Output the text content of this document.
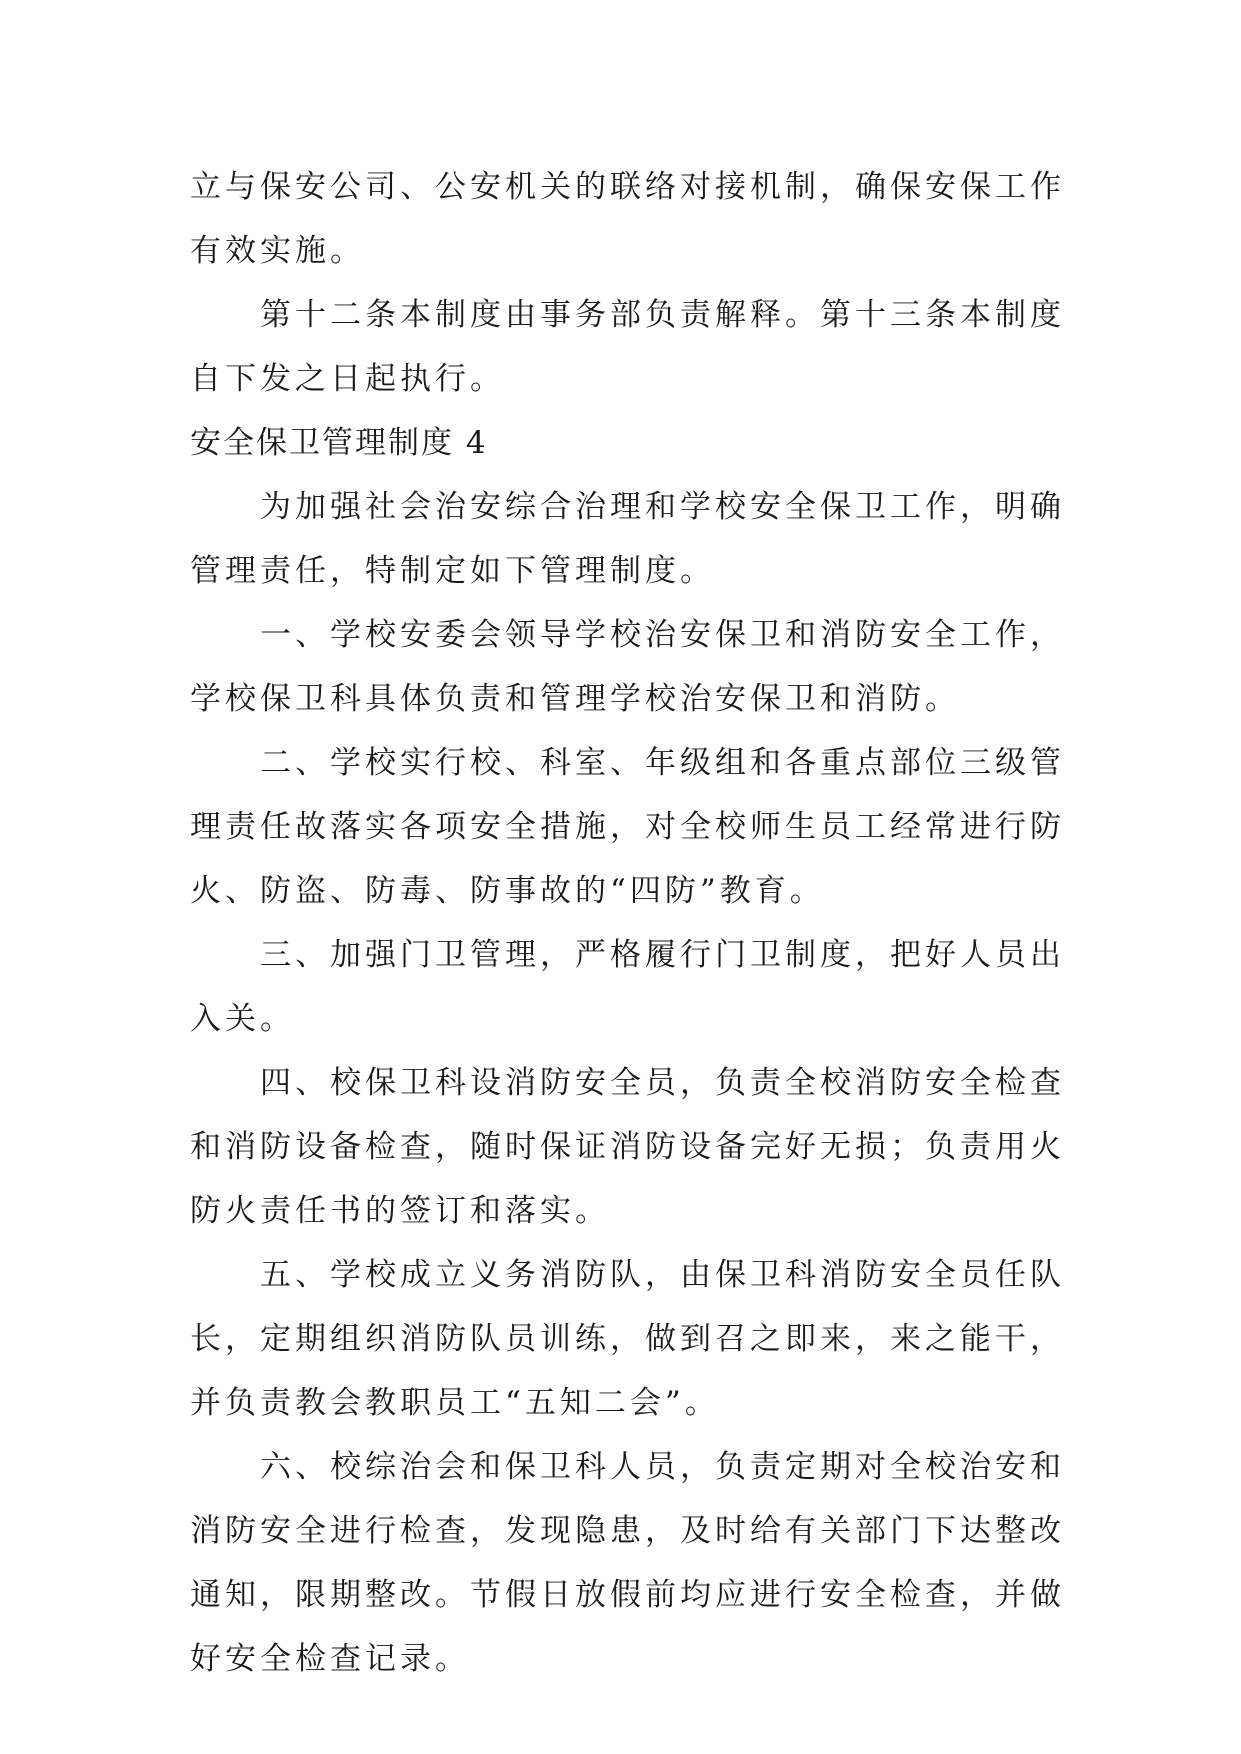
立与保安公司、公安机关的联络对接机制，确保安保工作有效实施。

第十二条本制度由事务部负责解释。第十三条本制度自下发之日起执行。

安全保卫管理制度 4

为加强社会治安综合治理和学校安全保卫工作，明确管理责任，特制定如下管理制度。

一、学校安委会领导学校治安保卫和消防安全工作，学校保卫科具体负责和管理学校治安保卫和消防。

二、学校实行校、科室、年级组和各重点部位三级管理责任故落实各项安全措施，对全校师生员工经常进行防火、防盗、防毒、防事故的“四防”教育。

三、加强门卫管理，严格履行门卫制度，把好人员出入关。

四、校保卫科设消防安全员，负责全校消防安全检查和消防设备检查，随时保证消防设备完好无损；负责用火防火责任书的签订和落实。

五、学校成立义务消防队，由保卫科消防安全员任队长，定期组织消防队员训练，做到召之即来，来之能干，并负责教会教职员工“五知二会”。

六、校综治会和保卫科人员，负责定期对全校治安和消防安全进行检查，发现隐患，及时给有关部门下达整改通知，限期整改。节假日放假前均应进行安全检查，并做好安全检查记录。
